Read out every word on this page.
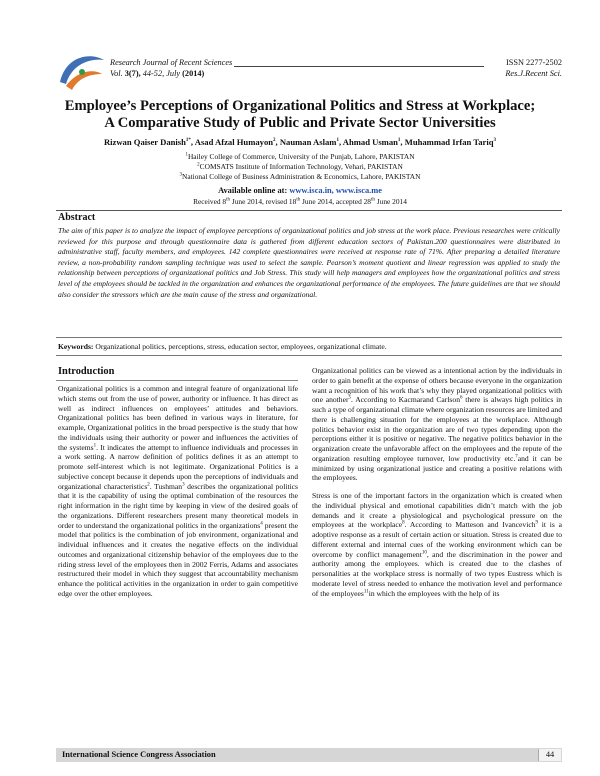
Research Journal of Recent Sciences
Vol. 3(7), 44-52, July (2014)
ISSN 2277-2502
Res.J.Recent Sci.
Employee’s Perceptions of Organizational Politics and Stress at Workplace;
A Comparative Study of Public and Private Sector Universities
Rizwan Qaiser Danish$^{1*}$, Asad Afzal Humayon$^2$, Nauman Aslam$^1$, Ahmad Usman$^1$, Muhammad Irfan Tariq$^3$
$^1$Hailey College of Commerce, University of the Punjab, Lahore, PAKISTAN
$^2$COMSATS Institute of Information Technology, Vehari, PAKISTAN
$^3$National College of Business Administration & Economics, Lahore, PAKISTAN
Available online at: www.isca.in, www.isca.me
Received 8th June 2014, revised 18th June 2014, accepted 28th June 2014
Abstract
The aim of this paper is to analyze the impact of employee perceptions of organizational politics and job stress at the work place. Previous researches were critically reviewed for this purpose and through questionnaire data is gathered from different education sectors of Pakistan.200 questionnaires were distributed in administrative staff, faculty members, and employees. 142 complete questionnaires were received at response rate of 71%. After preparing a detailed literature review, a non-probability random sampling technique was used to select the sample. Pearson’s moment quotient and linear regression was applied to study the relationship between perceptions of organizational politics and Job Stress. This study will help managers and employees how the organizational politics and stress level of the employees should be tackled in the organization and enhances the organizational performance of the employees. The future guidelines are that we should also consider the stressors which are the main cause of the stress and organizational.
Keywords: Organizational politics, perceptions, stress, education sector, employees, organizational climate.
Introduction

Organizational politics is a common and integral feature of organizational life which stems out from the use of power, authority or influence. It has direct as well as indirect influences on employees’ attitudes and behaviors. Organizational politics has been defined in various ways in literature, for example, Organizational politics in the broad perspective is the study that how the individuals using their authority or power and influences the activities of the systems$^1$. It indicates the attempt to influence individuals and processes in a work setting. A narrow definition of politics defines it as an attempt to promote self-interest which is not legitimate. Organizational Politics is a subjective concept because it depends upon the perceptions of individuals and organizational characteristics$^2$. Tushman$^3$ describes the organizational politics that it is the capability of using the optimal combination of the resources the right information in the right time by keeping in view of the desired goals of the organizations. Different researchers present many theoretical models in order to understand the organizational politics in the organizations$^4$ present the model that politics is the combination of job environment, organizational and individual influences and it creates the negative effects on the individual outcomes and organizational citizenship behavior of the employees due to the riding stress level of the employees then in 2002 Ferris, Adams and associates restructured their model in which they suggest that accountability mechanism enhance the political activities in the organization in order to gain competitive edge over the other employees.

Organizational politics can be viewed as a intentional action by the individuals in order to gain benefit at the expense of others because everyone in the organization want a recognition of his work that’s why they played organizational politics with one another$^5$. According to Kacmarand Carlson$^6$ there is always high politics in such a type of organizational climate where organization resources are limited and there is challenging situation for the employees at the workplace. Although politics behavior exist in the organization are of two types depending upon the perceptions either it is positive or negative. The negative politics behavior in the organization create the unfavorable affect on the employees and the repute of the organization resulting employee turnover, low productivity etc.$^7$and it can be minimized by using organizational justice and creating a positive relations with the employees.

Stress is one of the important factors in the organization which is created when the individual physical and emotional capabilities didn’t match with the job demands and it create a physiological and psychological pressure on the employees at the workplace$^8$. According to Matteson and Ivancevich$^9$ it is a adoptive response as a result of certain action or situation. Stress is created due to different external and internal cues of the working environment which can be overcome by conflict management$^{10}$, and the discrimination in the power and authority among the employees. which is created due to the clashes of personalities at the workplace stress is normally of two types Eustress which is moderate level of stress needed to enhance the motivation level and performance of the employees$^{11}$in which the employees with the help of its

International Science Congress Association	44
